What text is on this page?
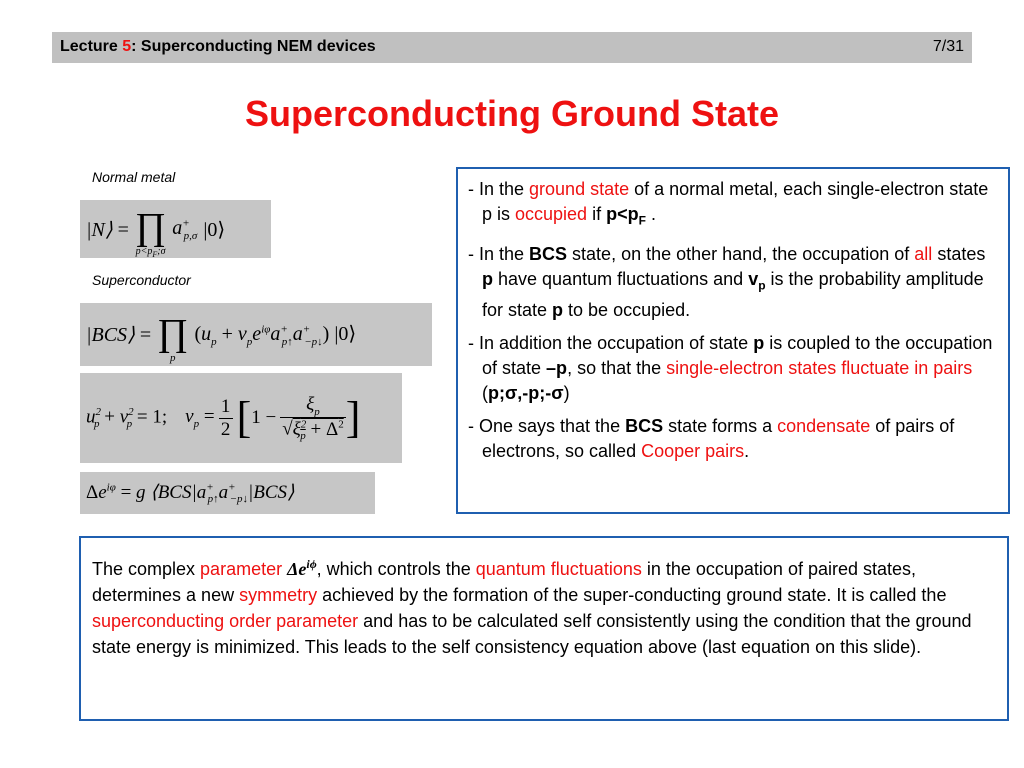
Lecture 5: Superconducting NEM devices	7/31
Superconducting Ground State
Normal metal
Superconductor
|N⟩ = ∏
$p<p_F;\sigma$
$a^+_{p,\sigma}$ |0⟩
|BCS⟩ = ∏
p
$(u_p + v_pe^{i\varphi}a^+_{p↑}a^+_{-p↓})$ |0⟩
$u^2_p + v^2_p = 1$; $v_p = \frac{1}{2}$ [ $1 - \frac{\xi_p}{√\xi^2_p + \Delta^2}$ ]
$\Delta e^{i\varphi} = g$ $⟨BCS|a^+_{p↑}a^+_{-p↓}|BCS⟩$

- In the ground state of a normal metal, each single-electron state p is occupied if $p<p_F$ .

- In the BCS state, on the other hand, the occupation of all states p have quantum fluctuations and $v_p$ is the probability amplitude for state p to be occupied.

- In addition the occupation of state p is coupled to the occupation of state –p, so that the single-electron states fluctuate in pairs (p;σ,-p;-σ)

- One says that the BCS state forms a condensate of pairs of electrons, so called Cooper pairs.

The complex parameter $\Delta e^{i\phi}$, which controls the quantum fluctuations in the occupation of paired states, determines a new symmetry achieved by the formation of the super-conducting ground state. It is called the superconducting order parameter and has to be calculated self consistently using the condition that the ground state energy is minimized. This leads to the self consistency equation above (last equation on this slide).
